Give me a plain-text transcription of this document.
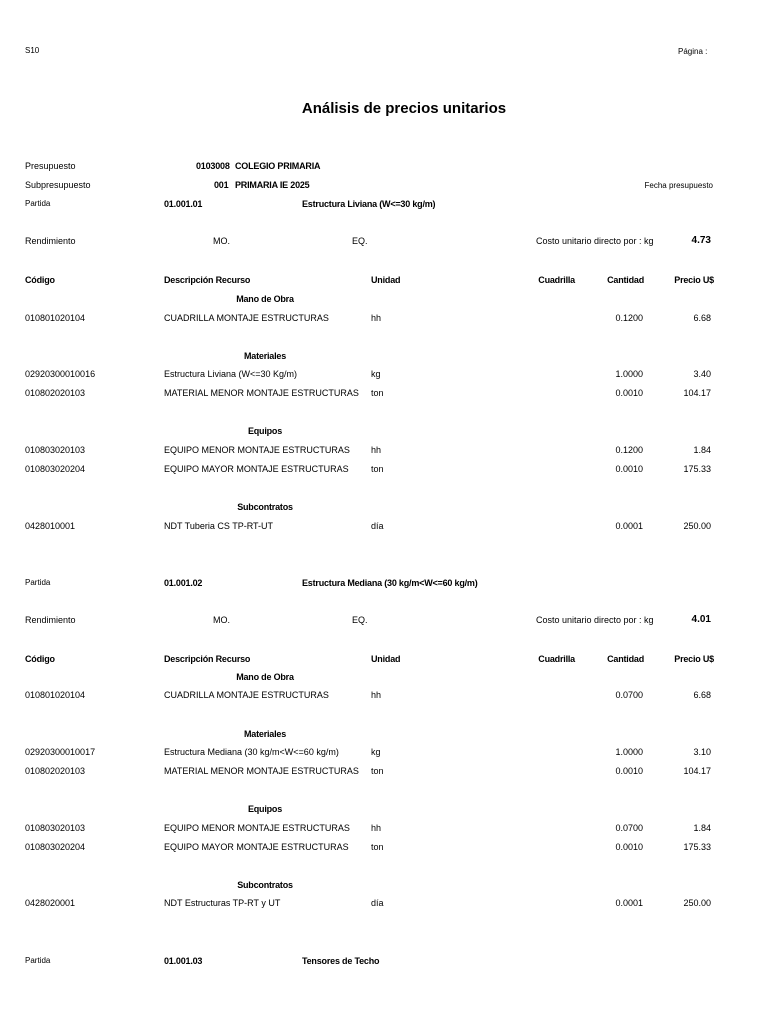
S10	Página :
Análisis de precios unitarios
Presupuesto	0103008 COLEGIO PRIMARIA
Subpresupuesto	001 PRIMARIA IE 2025	Fecha presupuesto
Partida	01.001.01	Estructura Liviana (W<=30 kg/m)
Rendimiento	MO.	EQ.	Costo unitario directo por : kg	4.73
Código	Descripción Recurso	Unidad	Cuadrilla	Cantidad	Precio U$
Mano de Obra
010801020104	CUADRILLA MONTAJE ESTRUCTURAS	hh	0.1200	6.68
Materiales
02920300010016	Estructura Liviana (W<=30 Kg/m)	kg	1.0000	3.40
010802020103	MATERIAL MENOR MONTAJE ESTRUCTURAS ton	0.0010	104.17
Equipos
010803020103	EQUIPO MENOR MONTAJE ESTRUCTURAS hh	0.1200	1.84
010803020204	EQUIPO MAYOR MONTAJE ESTRUCTURAS ton	0.0010	175.33
Subcontratos
0428010001	NDT Tuberia CS TP-RT-UT	día	0.0001	250.00
Partida	01.001.02	Estructura Mediana (30 kg/m<W<=60 kg/m)
Rendimiento	MO.	EQ.	Costo unitario directo por : kg	4.01
Código	Descripción Recurso	Unidad	Cuadrilla	Cantidad	Precio U$
Mano de Obra
010801020104	CUADRILLA MONTAJE ESTRUCTURAS	hh	0.0700	6.68
Materiales
02920300010017	Estructura Mediana (30 kg/m<W<=60 kg/m)	kg	1.0000	3.10
010802020103	MATERIAL MENOR MONTAJE ESTRUCTURAS ton	0.0010	104.17
Equipos
010803020103	EQUIPO MENOR MONTAJE ESTRUCTURAS hh	0.0700	1.84
010803020204	EQUIPO MAYOR MONTAJE ESTRUCTURAS ton	0.0010	175.33
Subcontratos
0428020001	NDT Estructuras TP-RT y UT	día	0.0001	250.00
Partida	01.001.03	Tensores de Techo
